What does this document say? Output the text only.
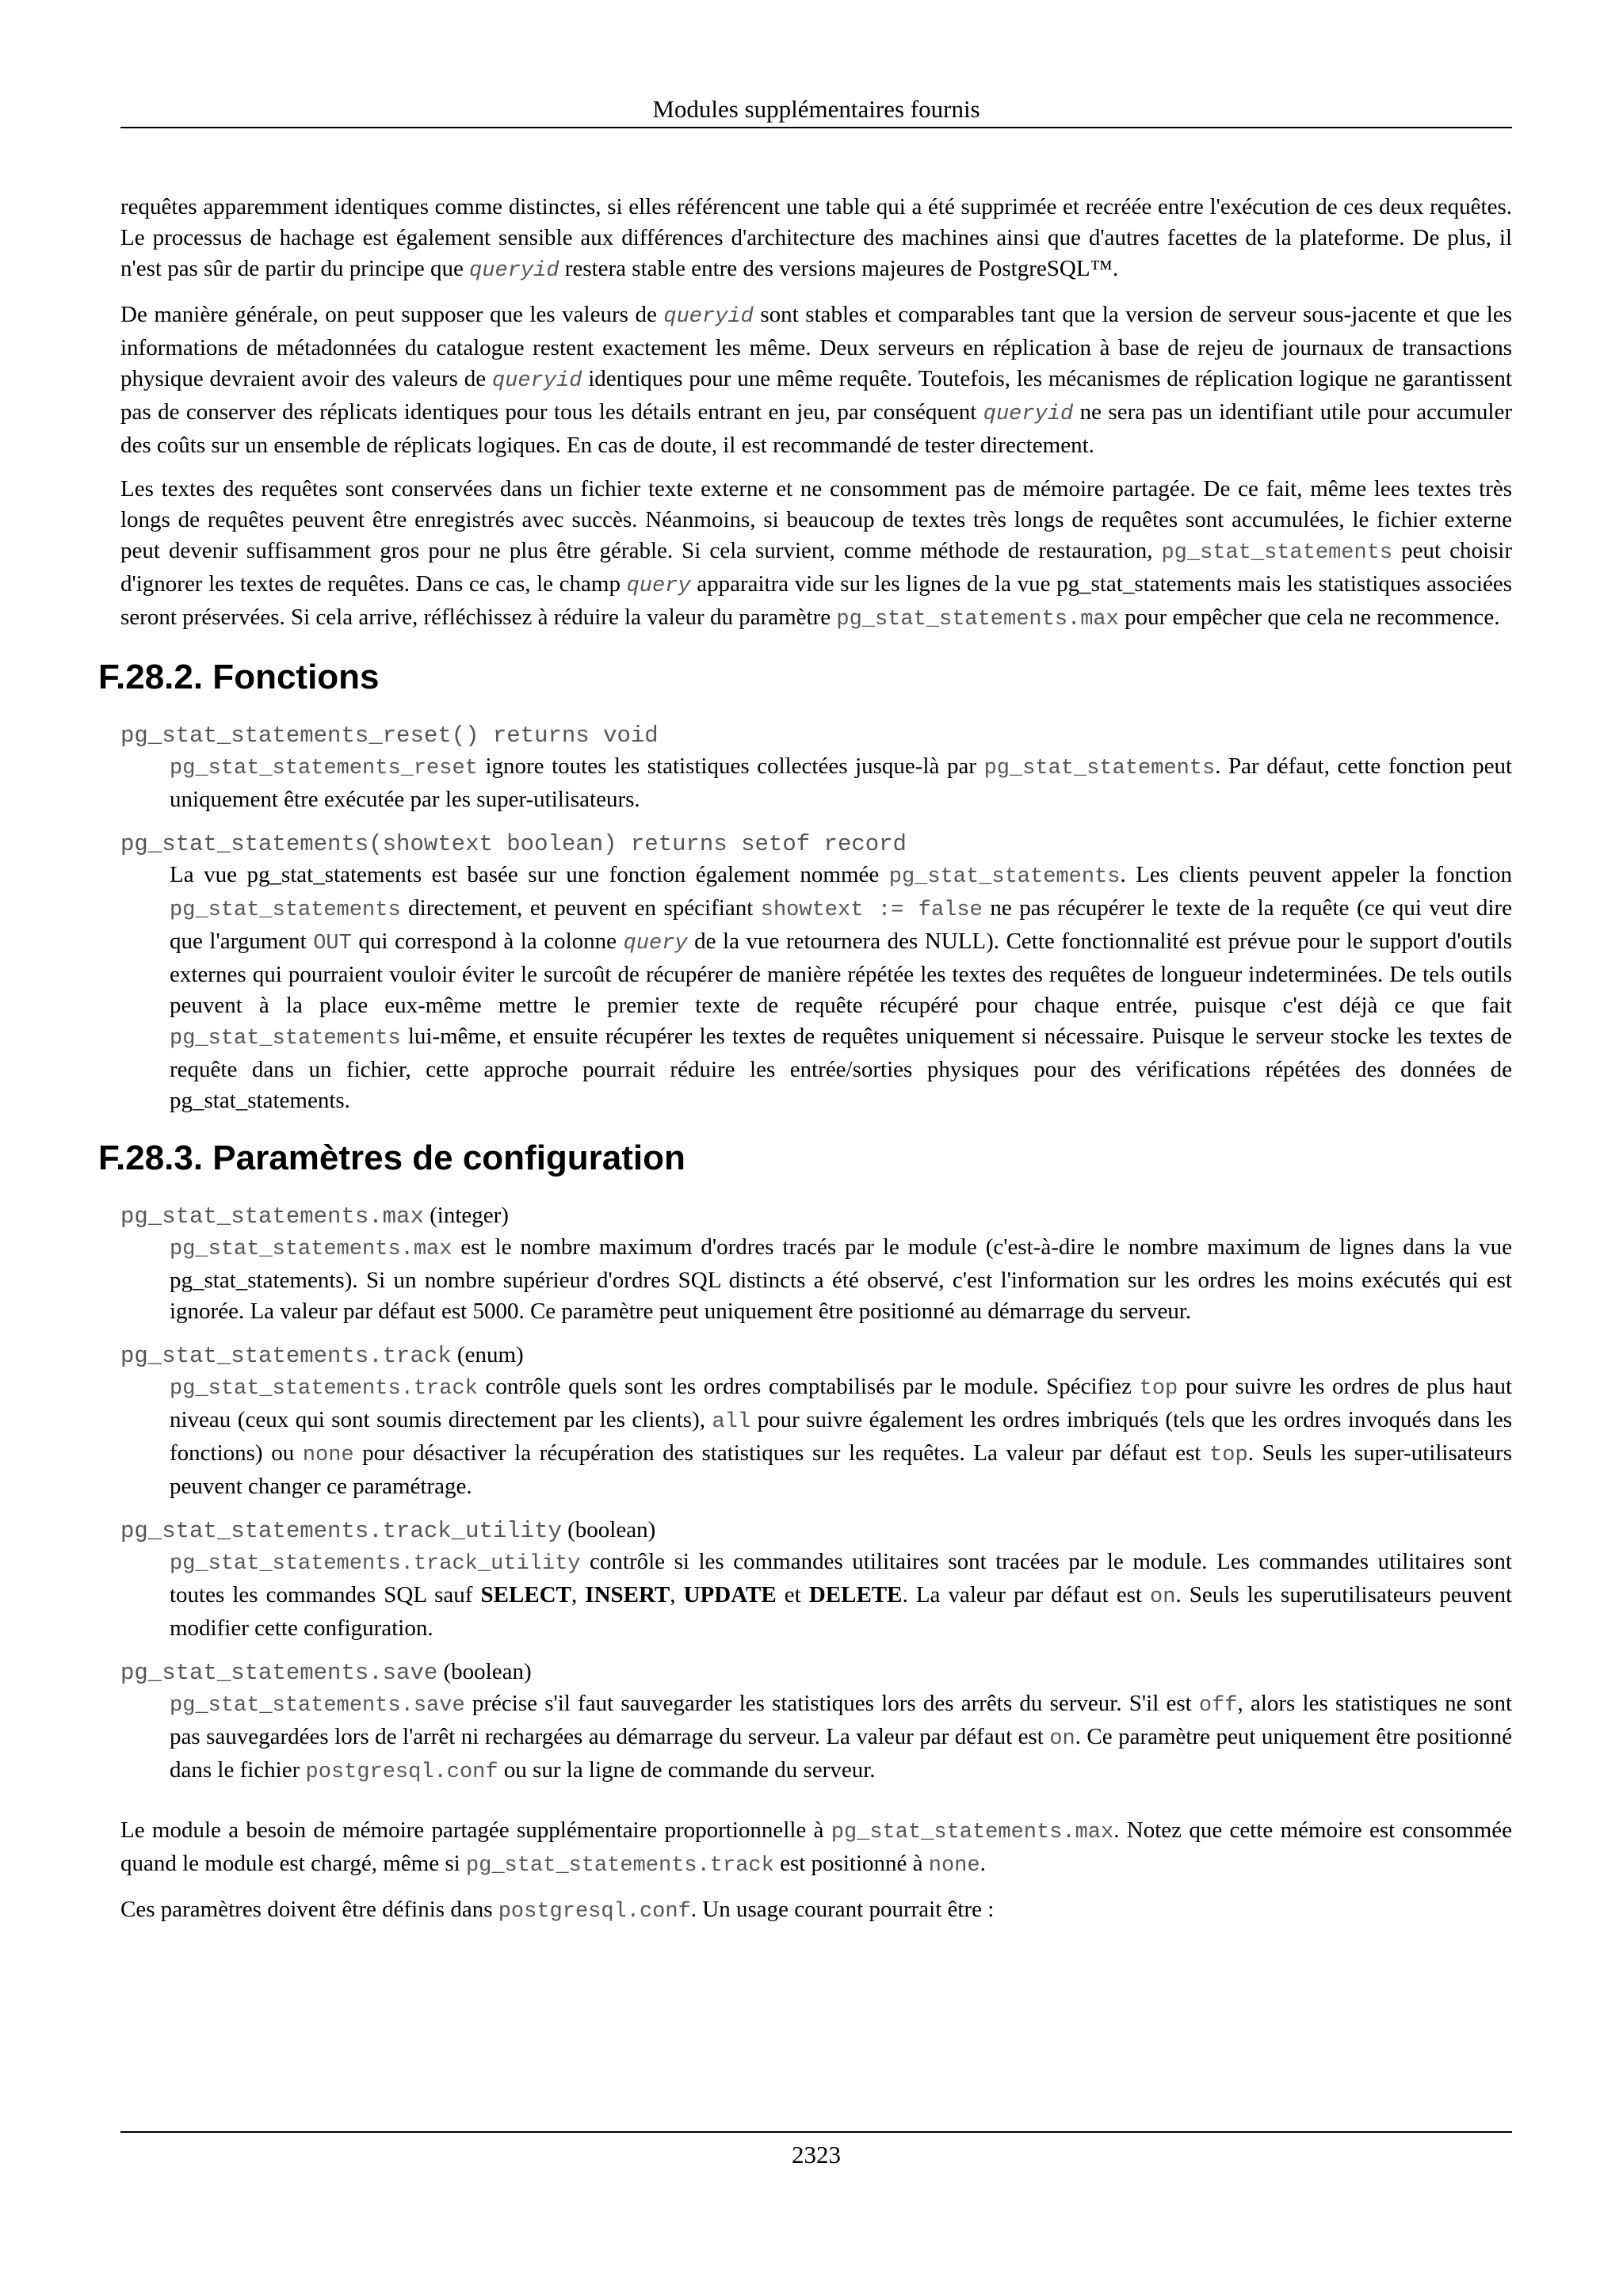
Modules supplémentaires fournis

requêtes apparemment identiques comme distinctes, si elles référencent une table qui a été supprimée et recréée entre l'exécution de ces deux requêtes. Le processus de hachage est également sensible aux différences d'architecture des machines ainsi que d'autres facettes de la plateforme. De plus, il n'est pas sûr de partir du principe que queryid restera stable entre des versions majeures de PostgreSQL™.

De manière générale, on peut supposer que les valeurs de queryid sont stables et comparables tant que la version de serveur sous-jacente et que les informations de métadonnées du catalogue restent exactement les même. Deux serveurs en réplication à base de rejeu de journaux de transactions physique devraient avoir des valeurs de queryid identiques pour une même requête. Toutefois, les mécanismes de réplication logique ne garantissent pas de conserver des réplicats identiques pour tous les détails entrant en jeu, par conséquent queryid ne sera pas un identifiant utile pour accumuler des coûts sur un ensemble de réplicats logiques. En cas de doute, il est recommandé de tester directement.

Les textes des requêtes sont conservées dans un fichier texte externe et ne consomment pas de mémoire partagée. De ce fait, même lees textes très longs de requêtes peuvent être enregistrés avec succès. Néanmoins, si beaucoup de textes très longs de requêtes sont accumulées, le fichier externe peut devenir suffisamment gros pour ne plus être gérable. Si cela survient, comme méthode de restauration, pg_stat_statements peut choisir d'ignorer les textes de requêtes. Dans ce cas, le champ query apparaitra vide sur les lignes de la vue pg_stat_statements mais les statistiques associées seront préservées. Si cela arrive, réfléchissez à réduire la valeur du paramètre pg_stat_statements.max pour empêcher que cela ne recommence.

F.28.2. Fonctions
pg_stat_statements_reset() returns void
pg_stat_statements_reset ignore toutes les statistiques collectées jusque-là par pg_stat_statements. Par défaut, cette fonction peut uniquement être exécutée par les super-utilisateurs.
pg_stat_statements(showtext boolean) returns setof record
La vue pg_stat_statements est basée sur une fonction également nommée pg_stat_statements. Les clients peuvent appeler la fonction pg_stat_statements directement, et peuvent en spécifiant showtext := false ne pas récupérer le texte de la requête (ce qui veut dire que l'argument OUT qui correspond à la colonne query de la vue retournera des NULL). Cette fonctionnalité est prévue pour le support d'outils externes qui pourraient vouloir éviter le surcoût de récupérer de manière répétée les textes des requêtes de longueur indeterminées. De tels outils peuvent à la place eux-même mettre le premier texte de requête récupéré pour chaque entrée, puisque c'est déjà ce que fait pg_stat_statements lui-même, et ensuite récupérer les textes de requêtes uniquement si nécessaire. Puisque le serveur stocke les textes de requête dans un fichier, cette approche pourrait réduire les entrée/sorties physiques pour des vérifications répétées des données de pg_stat_statements.
F.28.3. Paramètres de configuration
pg_stat_statements.max (integer)
pg_stat_statements.max est le nombre maximum d'ordres tracés par le module (c'est-à-dire le nombre maximum de lignes dans la vue pg_stat_statements). Si un nombre supérieur d'ordres SQL distincts a été observé, c'est l'information sur les ordres les moins exécutés qui est ignorée. La valeur par défaut est 5000. Ce paramètre peut uniquement être positionné au démarrage du serveur.
pg_stat_statements.track (enum)
pg_stat_statements.track contrôle quels sont les ordres comptabilisés par le module. Spécifiez top pour suivre les ordres de plus haut niveau (ceux qui sont soumis directement par les clients), all pour suivre également les ordres imbriqués (tels que les ordres invoqués dans les fonctions) ou none pour désactiver la récupération des statistiques sur les requêtes. La valeur par défaut est top. Seuls les super-utilisateurs peuvent changer ce paramétrage.
pg_stat_statements.track_utility (boolean)
pg_stat_statements.track_utility contrôle si les commandes utilitaires sont tracées par le module. Les commandes utilitaires sont toutes les commandes SQL sauf SELECT, INSERT, UPDATE et DELETE. La valeur par défaut est on. Seuls les superutilisateurs peuvent modifier cette configuration.
pg_stat_statements.save (boolean)
pg_stat_statements.save précise s'il faut sauvegarder les statistiques lors des arrêts du serveur. S'il est off, alors les statistiques ne sont pas sauvegardées lors de l'arrêt ni rechargées au démarrage du serveur. La valeur par défaut est on. Ce paramètre peut uniquement être positionné dans le fichier postgresql.conf ou sur la ligne de commande du serveur.

Le module a besoin de mémoire partagée supplémentaire proportionnelle à pg_stat_statements.max. Notez que cette mémoire est consommée quand le module est chargé, même si pg_stat_statements.track est positionné à none.

Ces paramètres doivent être définis dans postgresql.conf. Un usage courant pourrait être :

2323
